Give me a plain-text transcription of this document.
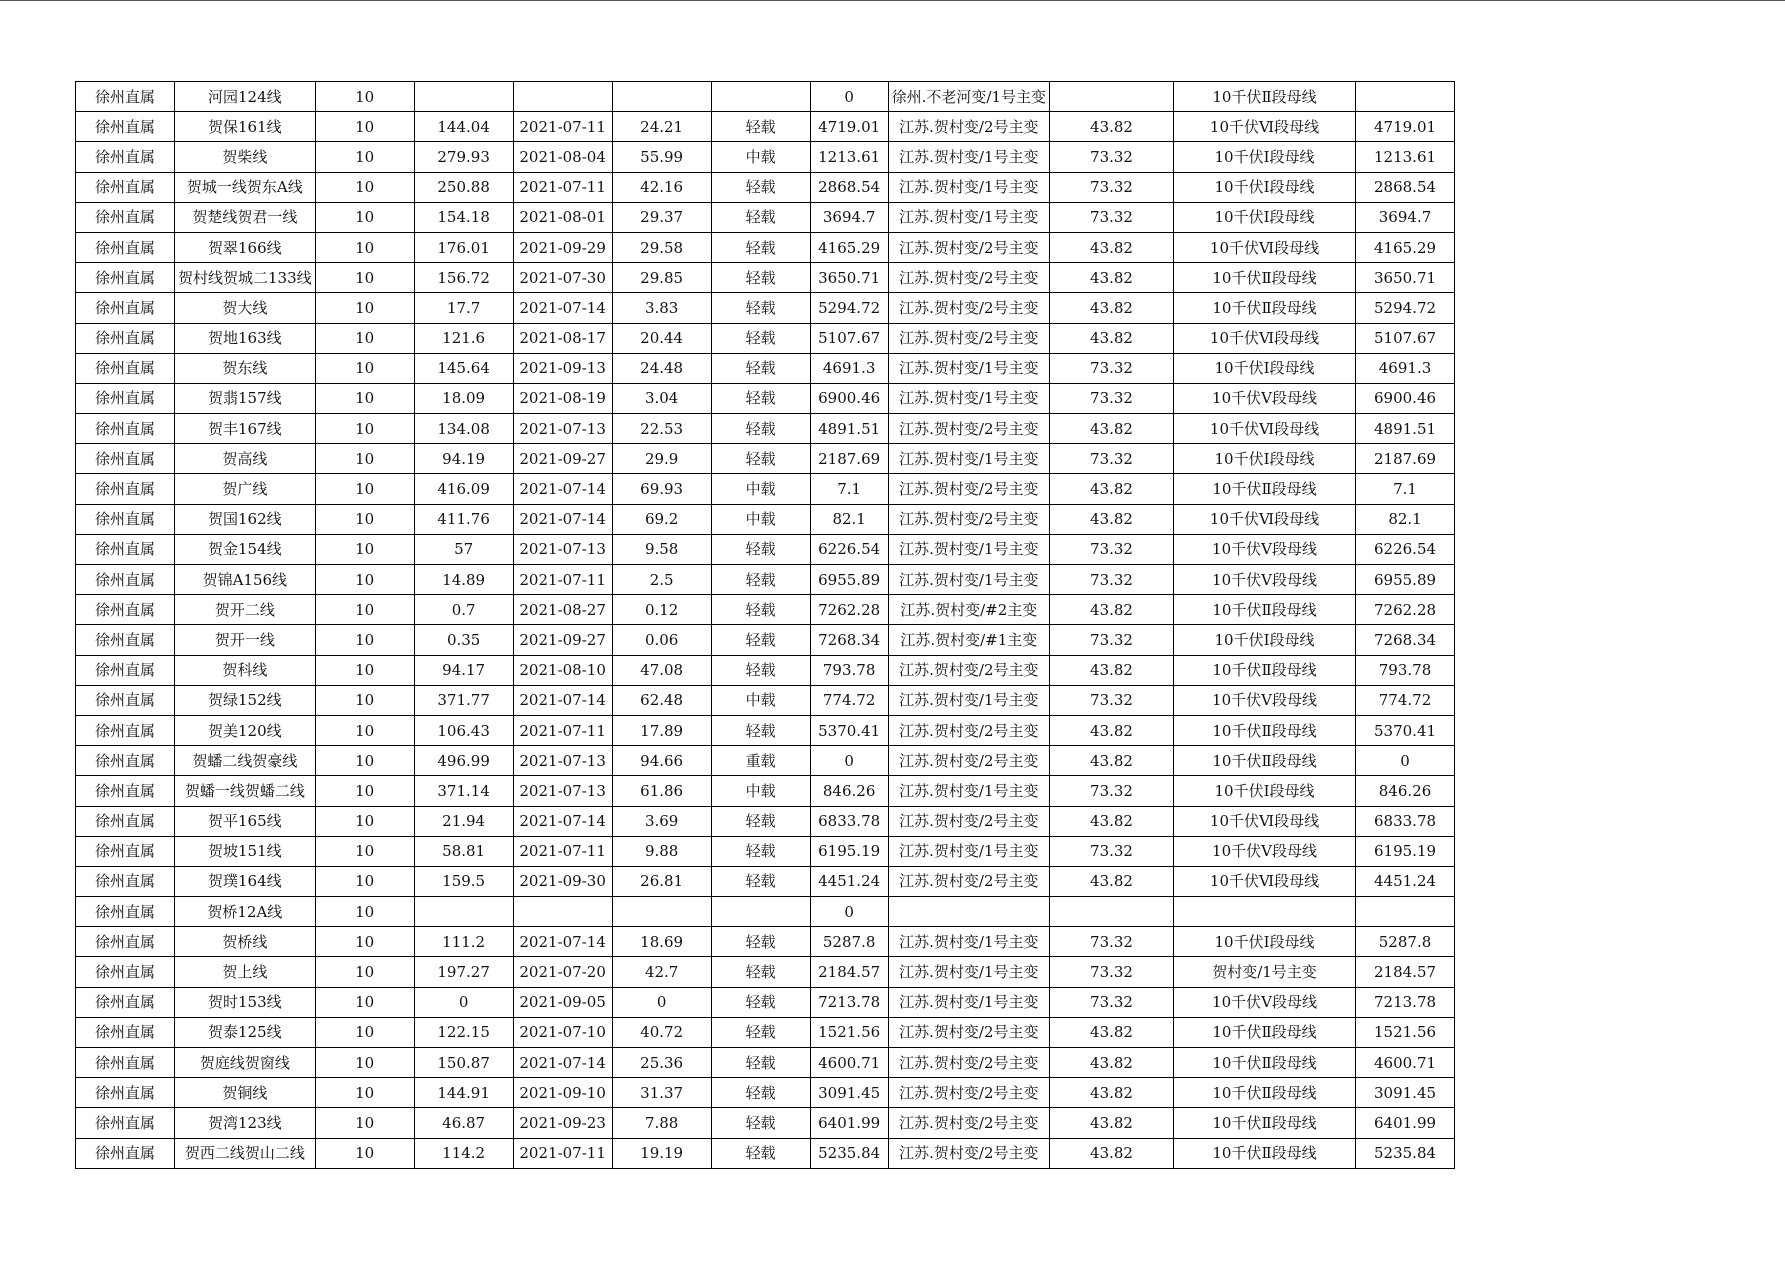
徐州直属	河园124线	10					0	徐州.不老河变/1号主变		10千伏Ⅱ段母线	
徐州直属	贺保161线	10	144.04	2021-07-11	24.21	轻载	4719.01	江苏.贺村变/2号主变	43.82	10千伏Ⅵ段母线	4719.01
徐州直属	贺柴线	10	279.93	2021-08-04	55.99	中载	1213.61	江苏.贺村变/1号主变	73.32	10千伏Ⅰ段母线	1213.61
徐州直属	贺城一线贺东A线	10	250.88	2021-07-11	42.16	轻载	2868.54	江苏.贺村变/1号主变	73.32	10千伏Ⅰ段母线	2868.54
徐州直属	贺楚线贺君一线	10	154.18	2021-08-01	29.37	轻载	3694.7	江苏.贺村变/1号主变	73.32	10千伏Ⅰ段母线	3694.7
徐州直属	贺翠166线	10	176.01	2021-09-29	29.58	轻载	4165.29	江苏.贺村变/2号主变	43.82	10千伏Ⅵ段母线	4165.29
徐州直属	贺村线贺城二133线	10	156.72	2021-07-30	29.85	轻载	3650.71	江苏.贺村变/2号主变	43.82	10千伏Ⅱ段母线	3650.71
徐州直属	贺大线	10	17.7	2021-07-14	3.83	轻载	5294.72	江苏.贺村变/2号主变	43.82	10千伏Ⅱ段母线	5294.72
徐州直属	贺地163线	10	121.6	2021-08-17	20.44	轻载	5107.67	江苏.贺村变/2号主变	43.82	10千伏Ⅵ段母线	5107.67
徐州直属	贺东线	10	145.64	2021-09-13	24.48	轻载	4691.3	江苏.贺村变/1号主变	73.32	10千伏Ⅰ段母线	4691.3
徐州直属	贺翡157线	10	18.09	2021-08-19	3.04	轻载	6900.46	江苏.贺村变/1号主变	73.32	10千伏Ⅴ段母线	6900.46
徐州直属	贺丰167线	10	134.08	2021-07-13	22.53	轻载	4891.51	江苏.贺村变/2号主变	43.82	10千伏Ⅵ段母线	4891.51
徐州直属	贺高线	10	94.19	2021-09-27	29.9	轻载	2187.69	江苏.贺村变/1号主变	73.32	10千伏Ⅰ段母线	2187.69
徐州直属	贺广线	10	416.09	2021-07-14	69.93	中载	7.1	江苏.贺村变/2号主变	43.82	10千伏Ⅱ段母线	7.1
徐州直属	贺国162线	10	411.76	2021-07-14	69.2	中载	82.1	江苏.贺村变/2号主变	43.82	10千伏Ⅵ段母线	82.1
徐州直属	贺金154线	10	57	2021-07-13	9.58	轻载	6226.54	江苏.贺村变/1号主变	73.32	10千伏Ⅴ段母线	6226.54
徐州直属	贺锦A156线	10	14.89	2021-07-11	2.5	轻载	6955.89	江苏.贺村变/1号主变	73.32	10千伏Ⅴ段母线	6955.89
徐州直属	贺开二线	10	0.7	2021-08-27	0.12	轻载	7262.28	江苏.贺村变/#2主变	43.82	10千伏Ⅱ段母线	7262.28
徐州直属	贺开一线	10	0.35	2021-09-27	0.06	轻载	7268.34	江苏.贺村变/#1主变	73.32	10千伏Ⅰ段母线	7268.34
徐州直属	贺科线	10	94.17	2021-08-10	47.08	轻载	793.78	江苏.贺村变/2号主变	43.82	10千伏Ⅱ段母线	793.78
徐州直属	贺绿152线	10	371.77	2021-07-14	62.48	中载	774.72	江苏.贺村变/1号主变	73.32	10千伏Ⅴ段母线	774.72
徐州直属	贺美120线	10	106.43	2021-07-11	17.89	轻载	5370.41	江苏.贺村变/2号主变	43.82	10千伏Ⅱ段母线	5370.41
徐州直属	贺蟠二线贺豪线	10	496.99	2021-07-13	94.66	重载	0	江苏.贺村变/2号主变	43.82	10千伏Ⅱ段母线	0
徐州直属	贺蟠一线贺蟠二线	10	371.14	2021-07-13	61.86	中载	846.26	江苏.贺村变/1号主变	73.32	10千伏Ⅰ段母线	846.26
徐州直属	贺平165线	10	21.94	2021-07-14	3.69	轻载	6833.78	江苏.贺村变/2号主变	43.82	10千伏Ⅵ段母线	6833.78
徐州直属	贺坡151线	10	58.81	2021-07-11	9.88	轻载	6195.19	江苏.贺村变/1号主变	73.32	10千伏Ⅴ段母线	6195.19
徐州直属	贺璞164线	10	159.5	2021-09-30	26.81	轻载	4451.24	江苏.贺村变/2号主变	43.82	10千伏Ⅵ段母线	4451.24
徐州直属	贺桥12A线	10					0				
徐州直属	贺桥线	10	111.2	2021-07-14	18.69	轻载	5287.8	江苏.贺村变/1号主变	73.32	10千伏Ⅰ段母线	5287.8
徐州直属	贺上线	10	197.27	2021-07-20	42.7	轻载	2184.57	江苏.贺村变/1号主变	73.32	贺村变/1号主变	2184.57
徐州直属	贺时153线	10	0	2021-09-05	0	轻载	7213.78	江苏.贺村变/1号主变	73.32	10千伏Ⅴ段母线	7213.78
徐州直属	贺泰125线	10	122.15	2021-07-10	40.72	轻载	1521.56	江苏.贺村变/2号主变	43.82	10千伏Ⅱ段母线	1521.56
徐州直属	贺庭线贺窗线	10	150.87	2021-07-14	25.36	轻载	4600.71	江苏.贺村变/2号主变	43.82	10千伏Ⅱ段母线	4600.71
徐州直属	贺铜线	10	144.91	2021-09-10	31.37	轻载	3091.45	江苏.贺村变/2号主变	43.82	10千伏Ⅱ段母线	3091.45
徐州直属	贺湾123线	10	46.87	2021-09-23	7.88	轻载	6401.99	江苏.贺村变/2号主变	43.82	10千伏Ⅱ段母线	6401.99
徐州直属	贺西二线贺山二线	10	114.2	2021-07-11	19.19	轻载	5235.84	江苏.贺村变/2号主变	43.82	10千伏Ⅱ段母线	5235.84
